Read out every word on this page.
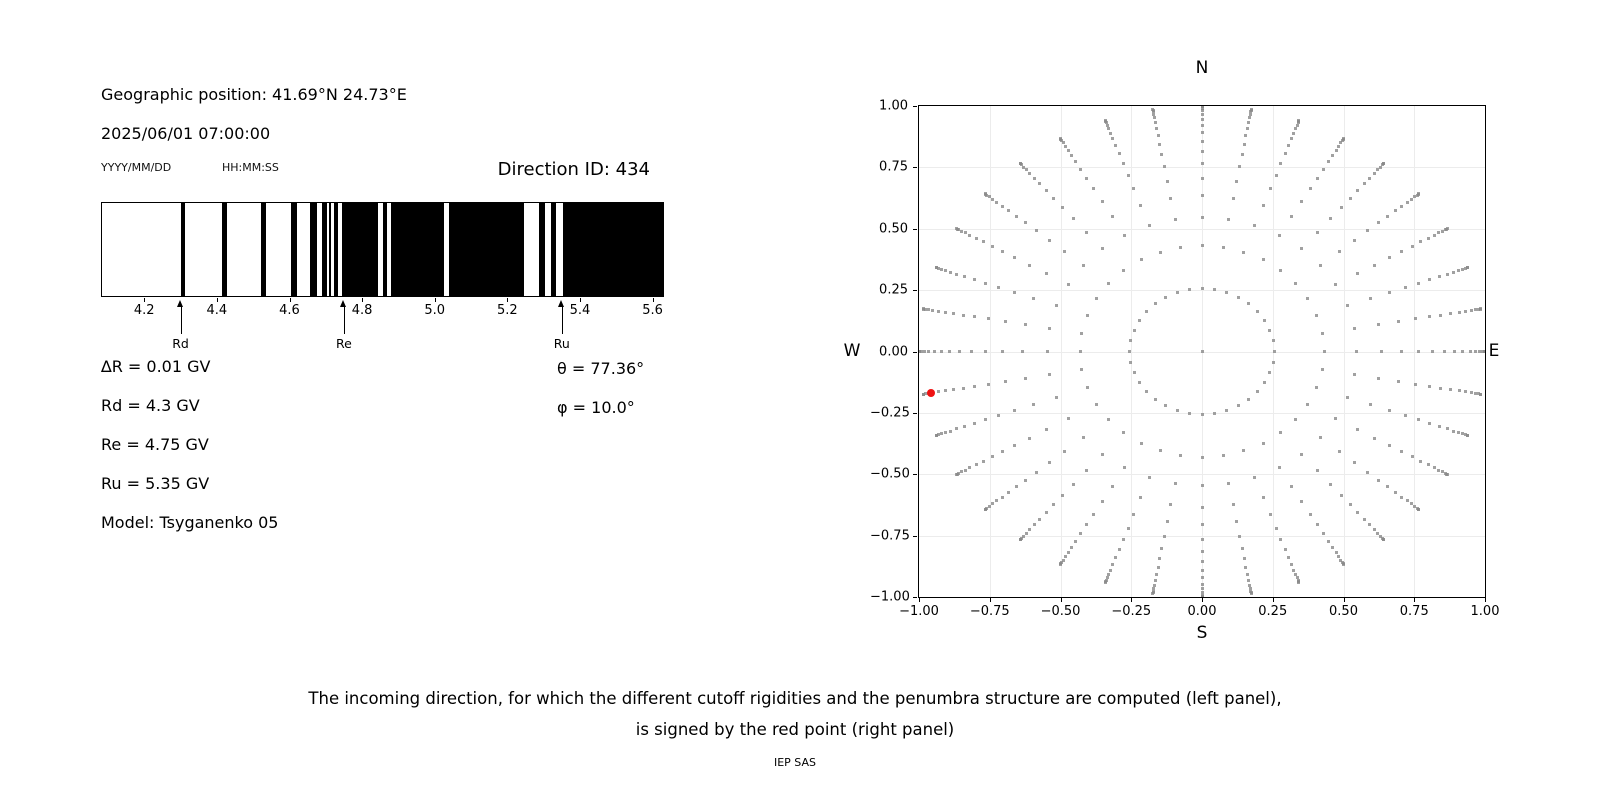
Geographic position: 41.69°N 24.73°E
2025/06/01 07:00:00
YYYY/MM/DD	HH:MM:SS	Direction ID: 434
4.2	4.4	4.6	4.8	5.0	5.2	5.4	5.6
Rd	Re	Ru
∆R = 0.01 GV
Rd = 4.3 GV
Re = 4.75 GV
Ru = 5.35 GV
Model: Tsyganenko 05
θ = 77.36°
φ = 10.0°
−1.00 −0.75 −0.50 −0.25	0.00	0.25	0.50	0.75	1.00
−1.00
−0.75
−0.50
−0.25
0.00
0.25
0.50
0.75
1.00
N
S
W	E
The incoming direction, for which the different cutoff rigidities and the penumbra structure are computed (left panel),
is signed by the red point (right panel)
IEP SAS
